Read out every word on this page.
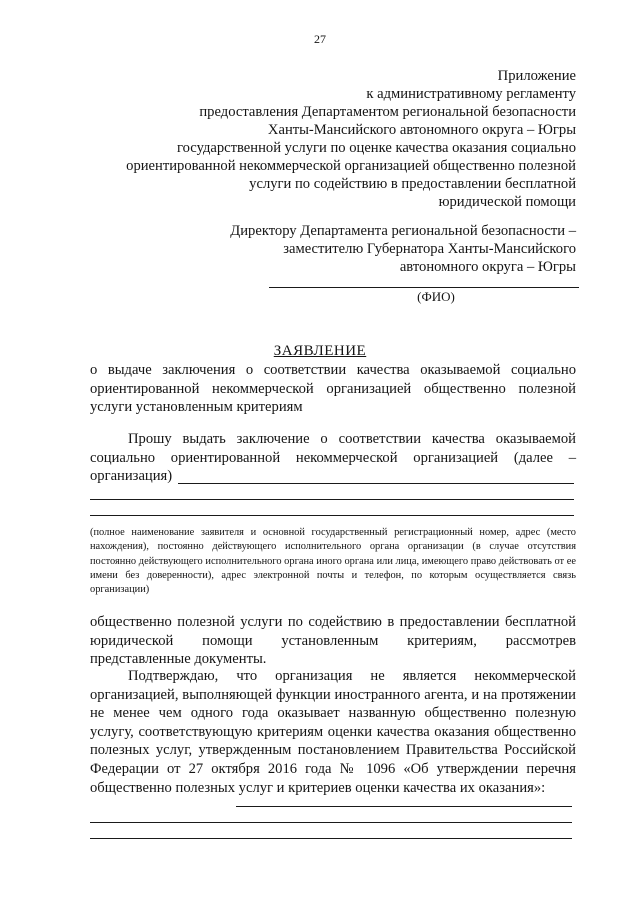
27
Приложение
к административному регламенту
предоставления Департаментом региональной безопасности
Ханты-Мансийского автономного округа – Югры
государственной услуги по оценке качества оказания социально
ориентированной некоммерческой организацией общественно полезной
услуги по содействию в предоставлении бесплатной
юридической помощи
Директору Департамента региональной безопасности –
заместителю Губернатора Ханты-Мансийского
автономного округа – Югры
(ФИО)
ЗАЯВЛЕНИЕ
о выдаче заключения о соответствии качества оказываемой социально ориентированной некоммерческой организацией общественно полезной услуги установленным критериям
Прошу выдать заключение о соответствии качества оказываемой социально ориентированной некоммерческой организацией (далее – организация)
(полное наименование заявителя и основной государственный регистрационный номер, адрес (место нахождения), постоянно действующего исполнительного органа организации (в случае отсутствия постоянно действующего исполнительного органа иного органа или лица, имеющего право действовать от ее имени без доверенности), адрес электронной почты и телефон, по которым осуществляется связь организации)
общественно полезной услуги по содействию в предоставлении бесплатной юридической помощи установленным критериям, рассмотрев представленные документы.
Подтверждаю, что организация не является некоммерческой организацией, выполняющей функции иностранного агента, и на протяжении не менее чем одного года оказывает названную общественно полезную услугу, соответствующую критериям оценки качества оказания общественно полезных услуг, утвержденным постановлением Правительства Российской Федерации от 27 октября 2016 года № 1096 «Об утверждении перечня общественно полезных услуг и критериев оценки качества их оказания»:
